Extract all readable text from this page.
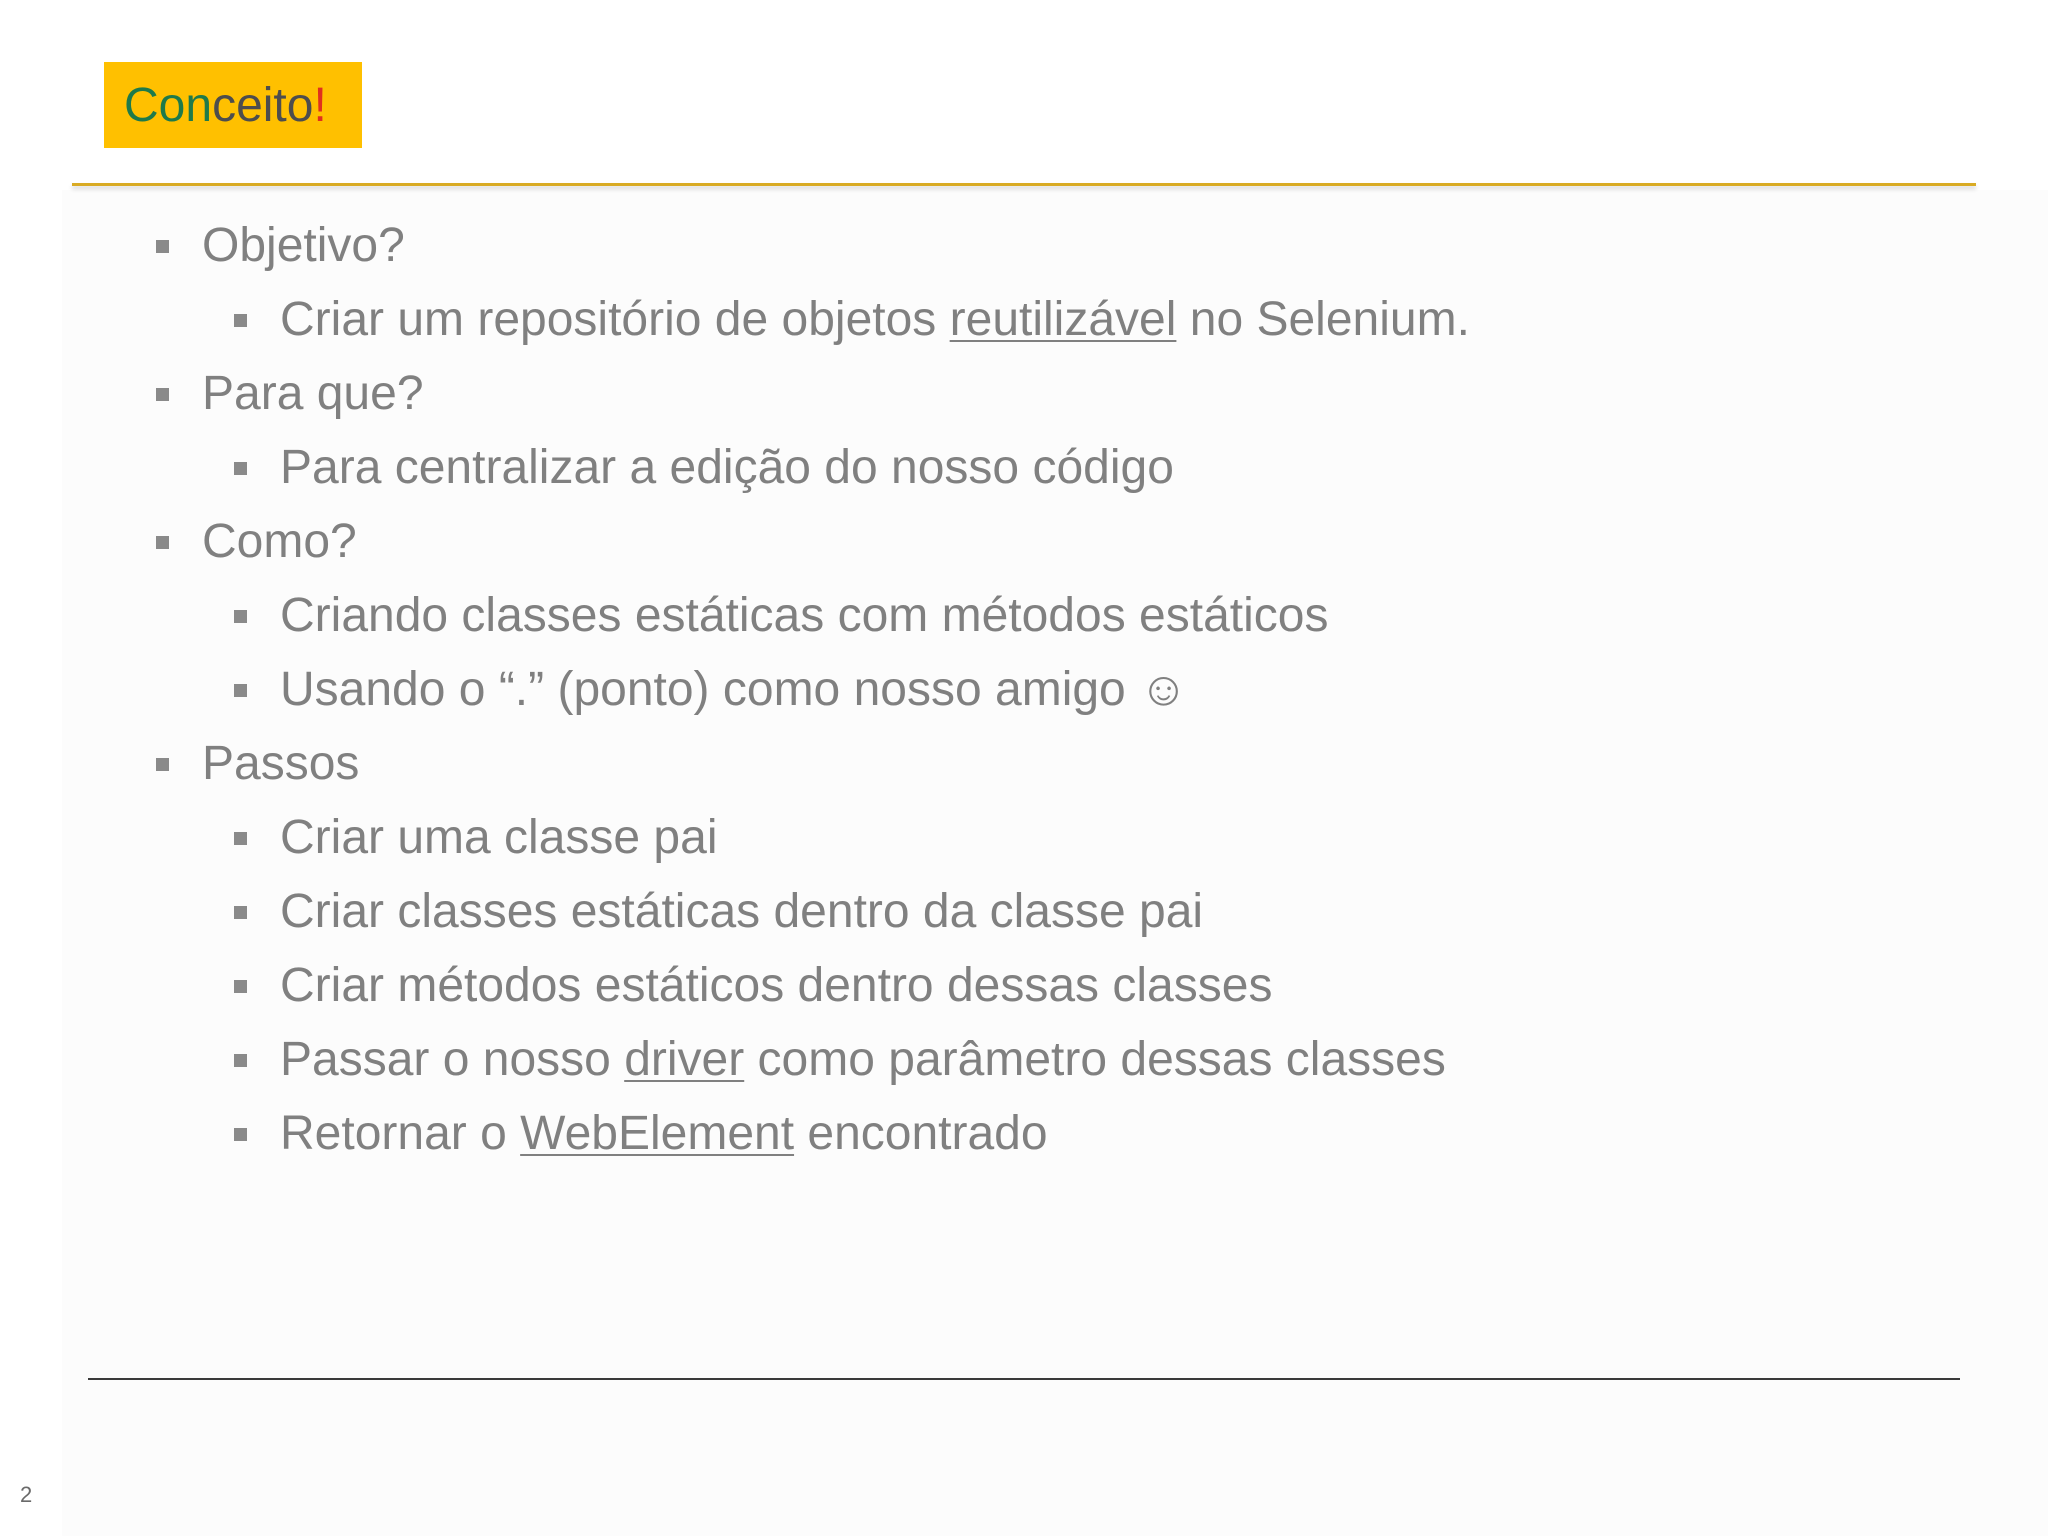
Con ceito !
Objetivo?
Criar um repositório de objetos reutilizável no Selenium.
Para que?
Para centralizar a edição do nosso código
Como?
Criando classes estáticas com métodos estáticos
Usando o “.” (ponto) como nosso amigo ☺
Passos
Criar uma classe pai
Criar classes estáticas dentro da classe pai
Criar métodos estáticos dentro dessas classes
Passar o nosso driver como parâmetro dessas classes
Retornar o WebElement encontrado
2
